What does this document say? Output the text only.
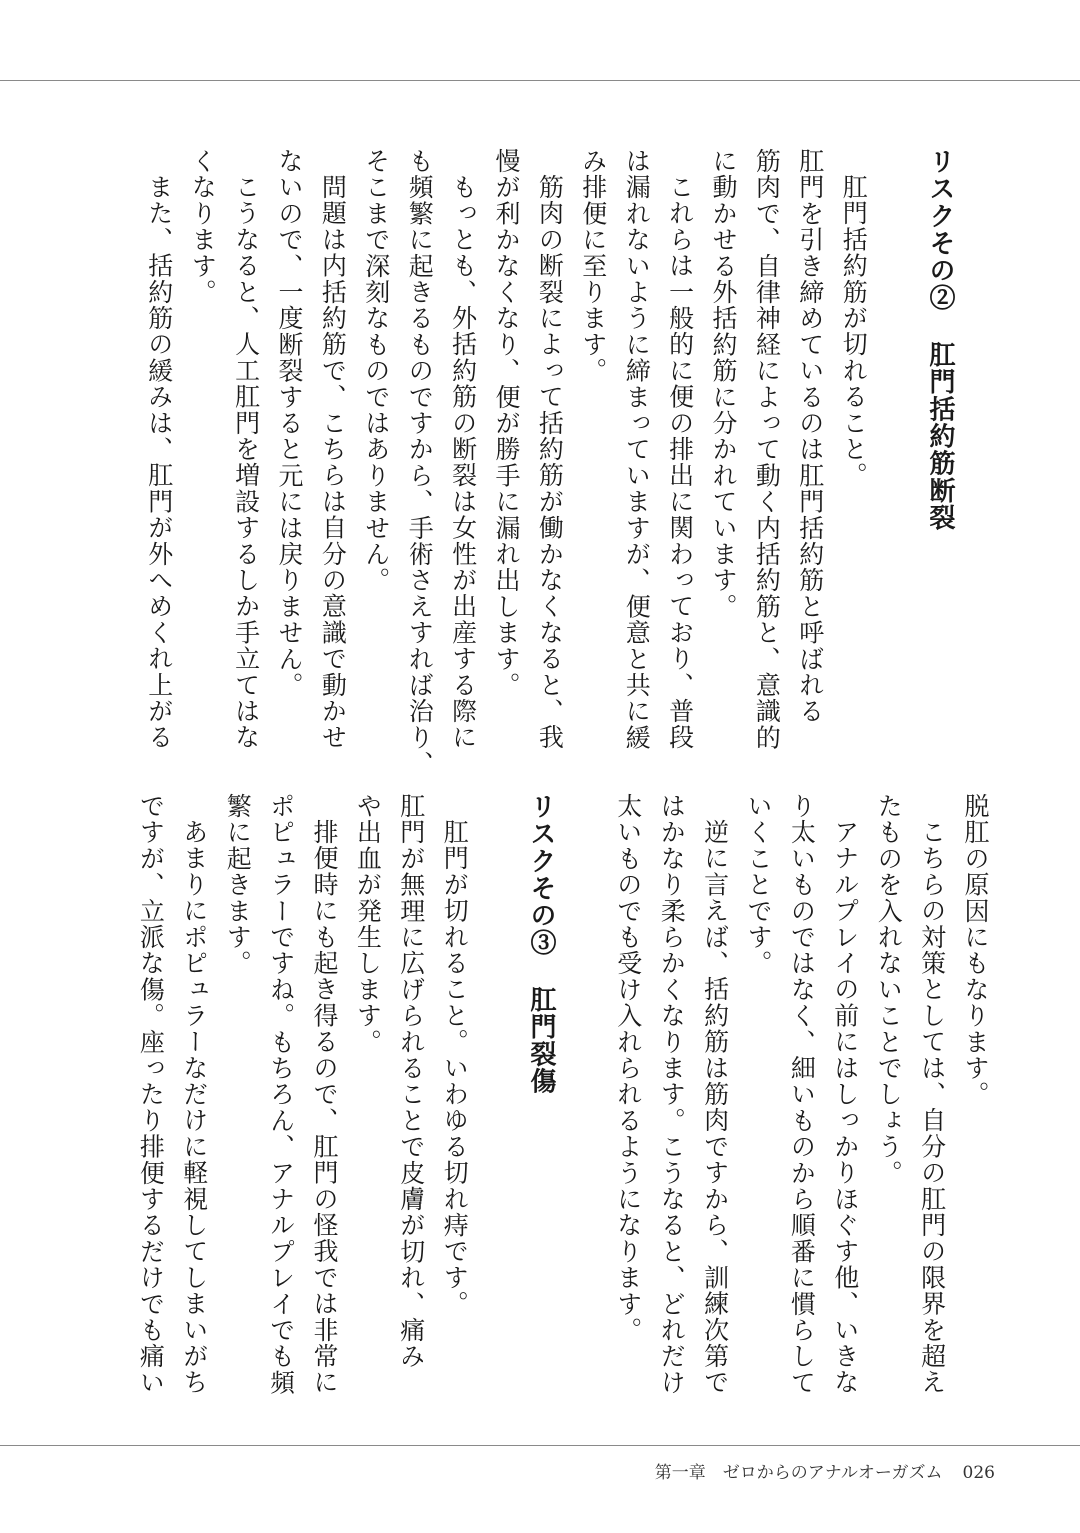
リスクその②肛門括約筋断裂
肛門括約筋が切れること。
肛門を引き締めているのは肛門括約筋と呼ばれる
筋肉で、自律神経によって動く内括約筋と、意識的
に動かせる外括約筋に分かれています。
これらは一般的に便の排出に関わっており、普段
は漏れないように締まっていますが、便意と共に緩
み排便に至ります。
筋肉の断裂によって括約筋が働かなくなると、我
慢が利かなくなり、便が勝手に漏れ出します。
もっとも、外括約筋の断裂は女性が出産する際に
も頻繁に起きるものですから、手術さえすれば治り、
そこまで深刻なものではありません。
問題は内括約筋で、こちらは自分の意識で動かせ
ないので、一度断裂すると元には戻りません。
こうなると、人工肛門を増設するしか手立てはな
くなります。
また、括約筋の緩みは、肛門が外へめくれ上がる
脱肛の原因にもなります。
こちらの対策としては、自分の肛門の限界を超え
たものを入れないことでしょう。
アナルプレイの前にはしっかりほぐす他、いきな
り太いものではなく、細いものから順番に慣らして
いくことです。
逆に言えば、括約筋は筋肉ですから、訓練次第で
はかなり柔らかくなります。こうなると、どれだけ
太いものでも受け入れられるようになります。
リスクその③肛門裂傷
肛門が切れること。いわゆる切れ痔です。
肛門が無理に広げられることで皮膚が切れ、痛み
や出血が発生します。
排便時にも起き得るので、肛門の怪我では非常に
ポピュラーですね。もちろん、アナルプレイでも頻
繁に起きます。
あまりにポピュラーなだけに軽視してしまいがち
ですが、立派な傷。座ったり排便するだけでも痛い
第一章　ゼロからのアナルオーガズム 026
